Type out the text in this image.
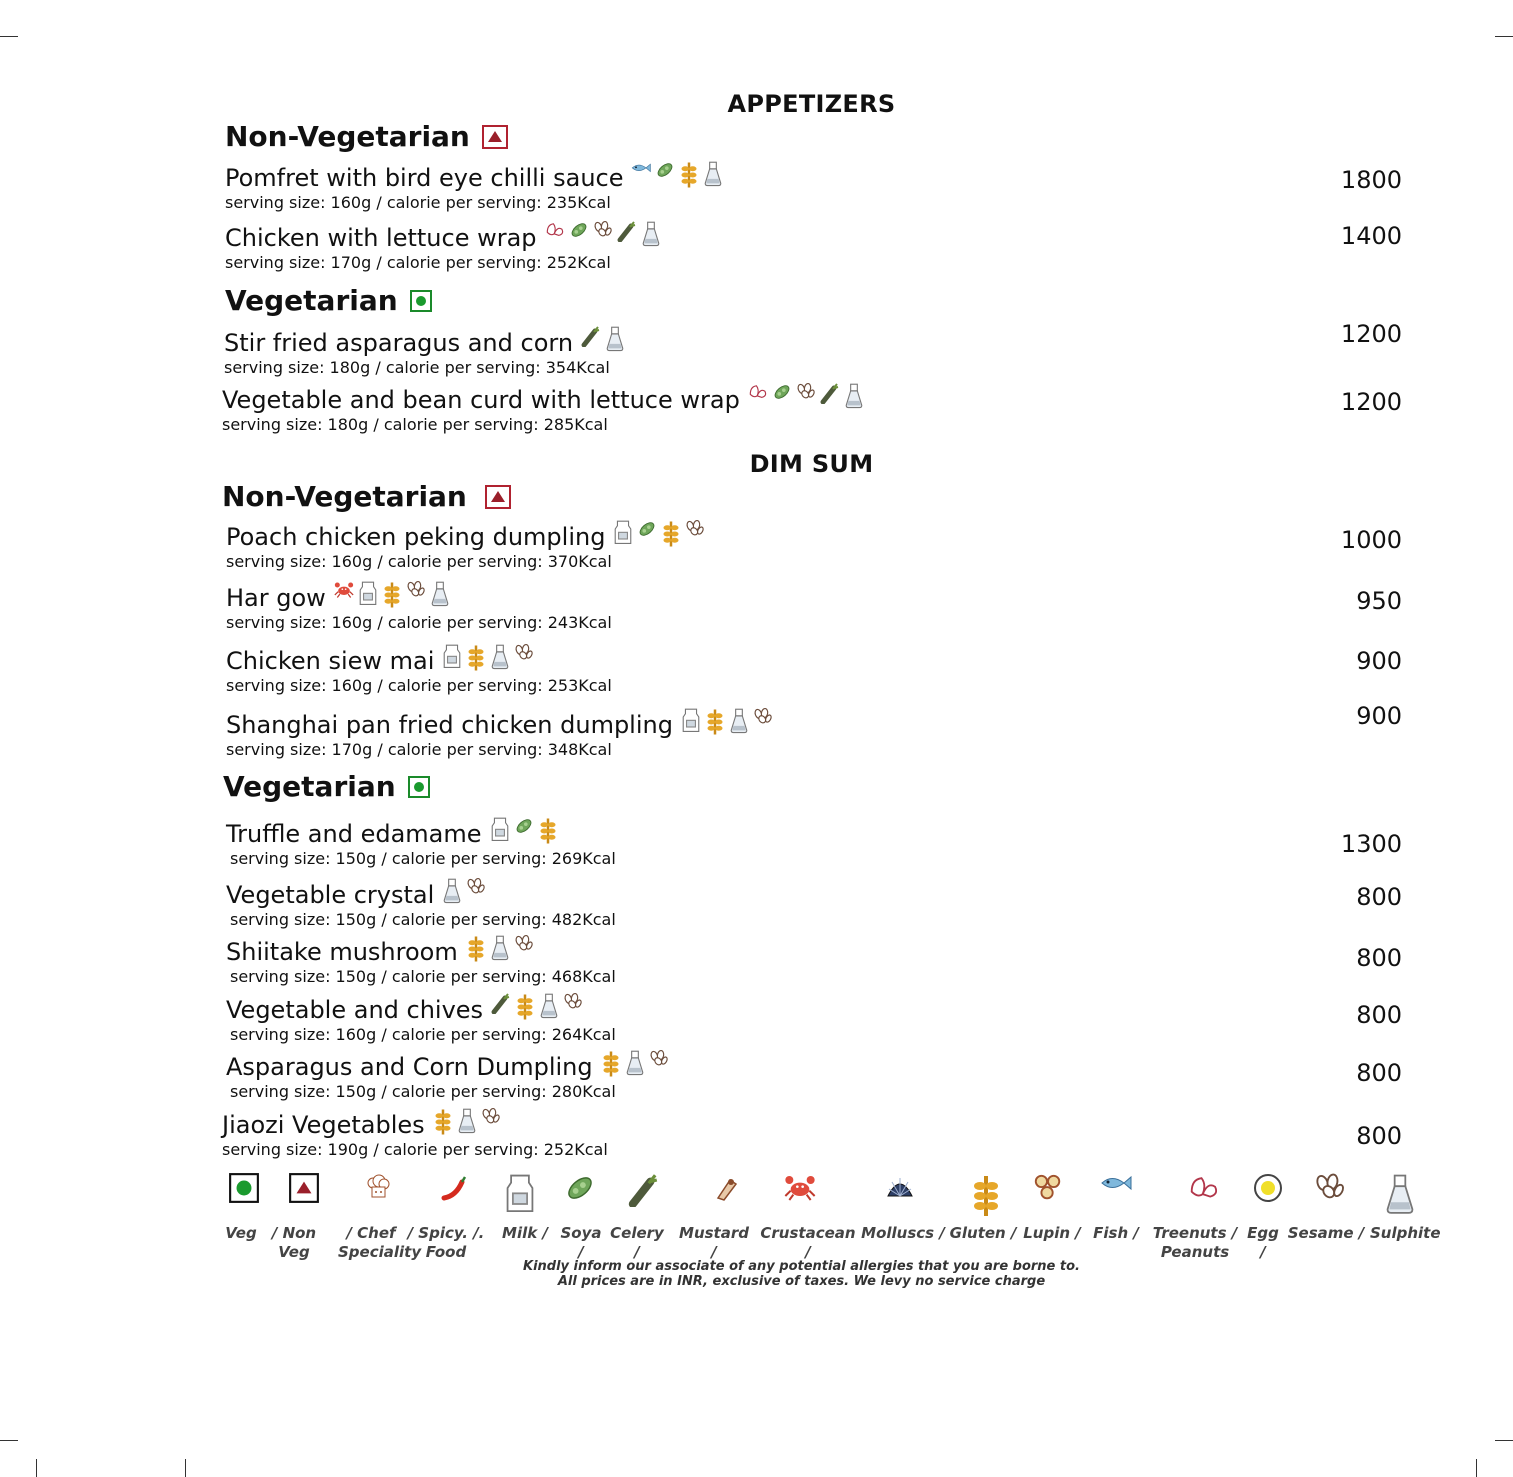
APPETIZERS
Non-Vegetarian
Pomfret with bird eye chilli sauce
serving size: 160g / calorie per serving: 235Kcal
1800
Chicken with lettuce wrap
serving size: 170g / calorie per serving: 252Kcal
1400
Vegetarian
Stir fried asparagus and corn
serving size: 180g / calorie per serving: 354Kcal
1200
Vegetable and bean curd with lettuce wrap
serving size: 180g / calorie per serving: 285Kcal
1200
DIM SUM
Non-Vegetarian
Poach chicken peking dumpling
serving size: 160g / calorie per serving: 370Kcal
1000
Har gow
serving size: 160g / calorie per serving: 243Kcal
950
Chicken siew mai
serving size: 160g / calorie per serving: 253Kcal
900
Shanghai pan fried chicken dumpling
serving size: 170g / calorie per serving: 348Kcal
900
Vegetarian
Truffle and edamame
serving size: 150g / calorie per serving: 269Kcal
1300
Vegetable crystal
serving size: 150g / calorie per serving: 482Kcal
800
Shiitake mushroom
serving size: 150g / calorie per serving: 468Kcal
800
Vegetable and chives
serving size: 160g / calorie per serving: 264Kcal
800
Asparagus and Corn Dumpling
serving size: 150g / calorie per serving: 280Kcal
800
Jiaozi Vegetables
serving size: 190g / calorie per serving: 252Kcal	800
Veg	/ Non Veg
/ Chef Speciality
/ Spicy. /. Food
Milk / Soya /
Celery /
Mustard /
Crustacean /
Molluscs / Gluten / Lupin / Fish / Treenuts / Peanuts
Egg /
Sesame / Sulphite
Kindly inform our associate of any potential allergies that you are borne to.
All prices are in INR, exclusive of taxes. We levy no service charge
